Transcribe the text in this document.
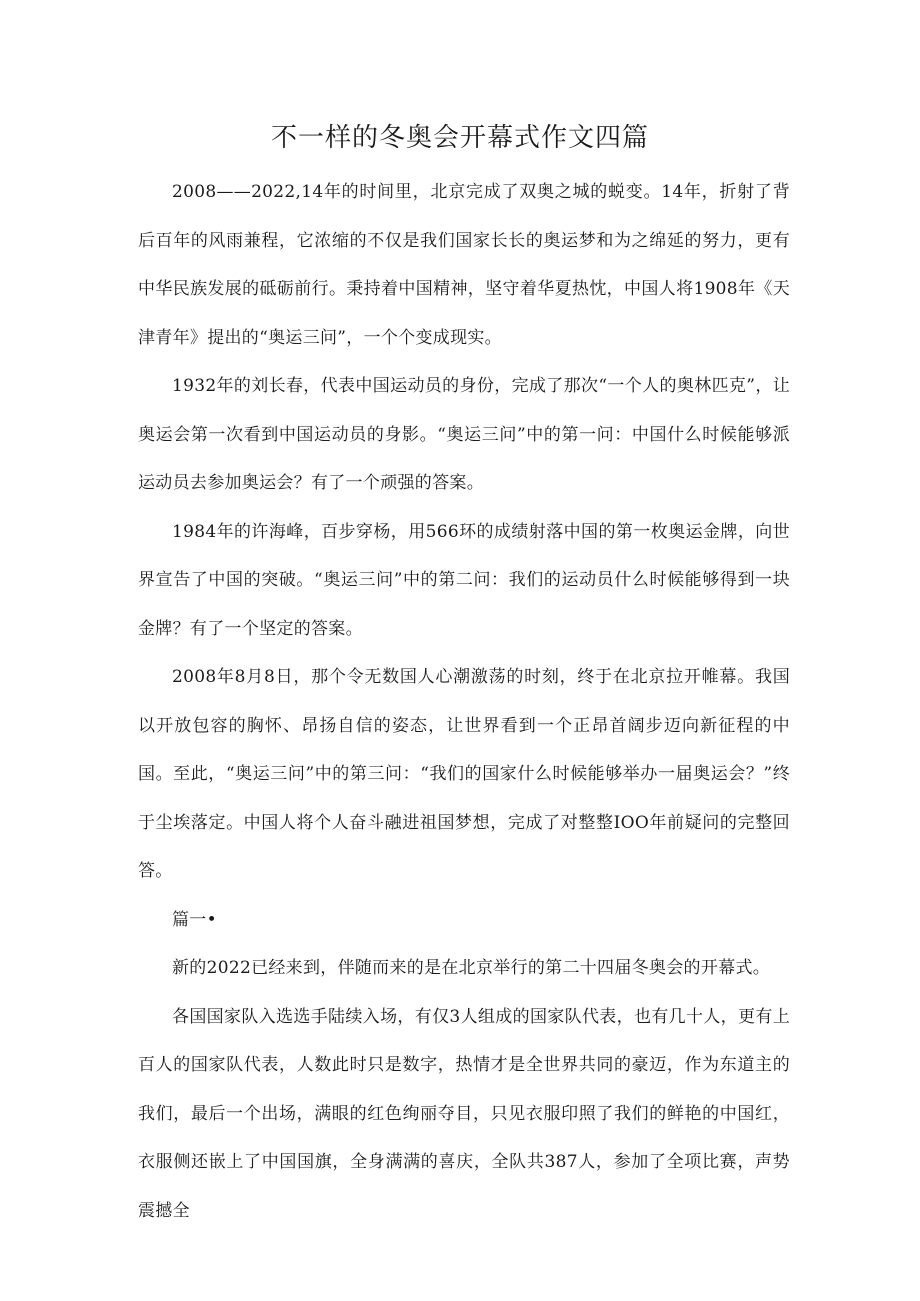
不一样的冬奥会开幕式作文四篇

2008——2022,14年的时间里，北京完成了双奥之城的蜕变。14年，折射了背后百年的风雨兼程，它浓缩的不仅是我们国家长长的奥运梦和为之绵延的努力，更有中华民族发展的砥砺前行。秉持着中国精神，坚守着华夏热忱，中国人将1908年《天津青年》提出的“奥运三问”，一个个变成现实。

1932年的刘长春，代表中国运动员的身份，完成了那次“一个人的奥林匹克”，让奥运会第一次看到中国运动员的身影。“奥运三问”中的第一问：中国什么时候能够派运动员去参加奥运会？有了一个顽强的答案。

1984年的许海峰，百步穿杨，用566环的成绩射落中国的第一枚奥运金牌，向世界宣告了中国的突破。“奥运三问”中的第二问：我们的运动员什么时候能够得到一块金牌？有了一个坚定的答案。

2008年8月8日，那个令无数国人心潮激荡的时刻，终于在北京拉开帷幕。我国以开放包容的胸怀、昂扬自信的姿态，让世界看到一个正昂首阔步迈向新征程的中国。至此，“奥运三问”中的第三问：“我们的国家什么时候能够举办一届奥运会？”终于尘埃落定。中国人将个人奋斗融进祖国梦想，完成了对整整IOO年前疑问的完整回答。

篇一•

新的2022已经来到，伴随而来的是在北京举行的第二十四届冬奥会的开幕式。

各国国家队入选选手陆续入场，有仅3人组成的国家队代表，也有几十人，更有上百人的国家队代表，人数此时只是数字，热情才是全世界共同的豪迈，作为东道主的我们，最后一个出场，满眼的红色绚丽夺目，只见衣服印照了我们的鲜艳的中国红，衣服侧还嵌上了中国国旗，全身满满的喜庆，全队共387人，参加了全项比赛，声势震撼全
